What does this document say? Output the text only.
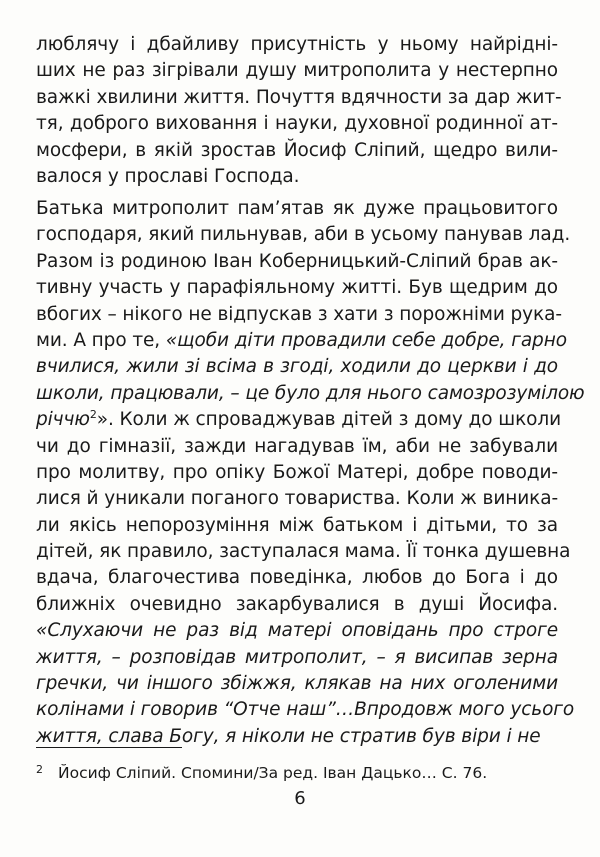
люблячу і дбайливу присутність у ньому найрідні-
ших не раз зігрівали душу митрополита у нестерпно
важкі хвилини життя. Почуття вдячности за дар жит-
тя, доброго виховання і науки, духовної родинної ат-
мосфери, в якій зростав Йосиф Сліпий, щедро вили-
валося у прославі Господа.
Батька митрополит пам’ятав як дуже працьовитого
господаря, який пильнував, аби в усьому панував лад.
Разом із родиною Іван Коберницький-Сліпий брав ак-
тивну участь у парафіяльному житті. Був щедрим до
вбогих – нікого не відпускав з хати з порожніми рука-
ми. А про те, «щоби діти провадили себе добре, гарно
вчилися, жили зі всіма в згоді, ходили до церкви і до
школи, працювали, – це було для нього самозрозумілою
річчю$^2$». Коли ж спроваджував дітей з дому до школи
чи до гімназії, зажди нагадував їм, аби не забували
про молитву, про опіку Божої Матері, добре поводи-
лися й уникали поганого товариства. Коли ж виника-
ли якісь непорозуміння між батьком і дітьми, то за
дітей, як правило, заступалася мама. Її тонка душевна
вдача, благочестива поведінка, любов до Бога і до
ближніх очевидно закарбувалися в душі Йосифа.
«Слухаючи не раз від матері оповідань про строге
життя, – розповідав митрополит, – я висипав зерна
гречки, чи іншого збіжжя, клякав на них оголеними
колінами і говорив “Отче наш”…Впродовж мого усього
життя, слава Богу, я ніколи не стратив був віри і не
2 Йосиф Сліпий. Спомини/За ред. Іван Дацько… С. 76.
6
